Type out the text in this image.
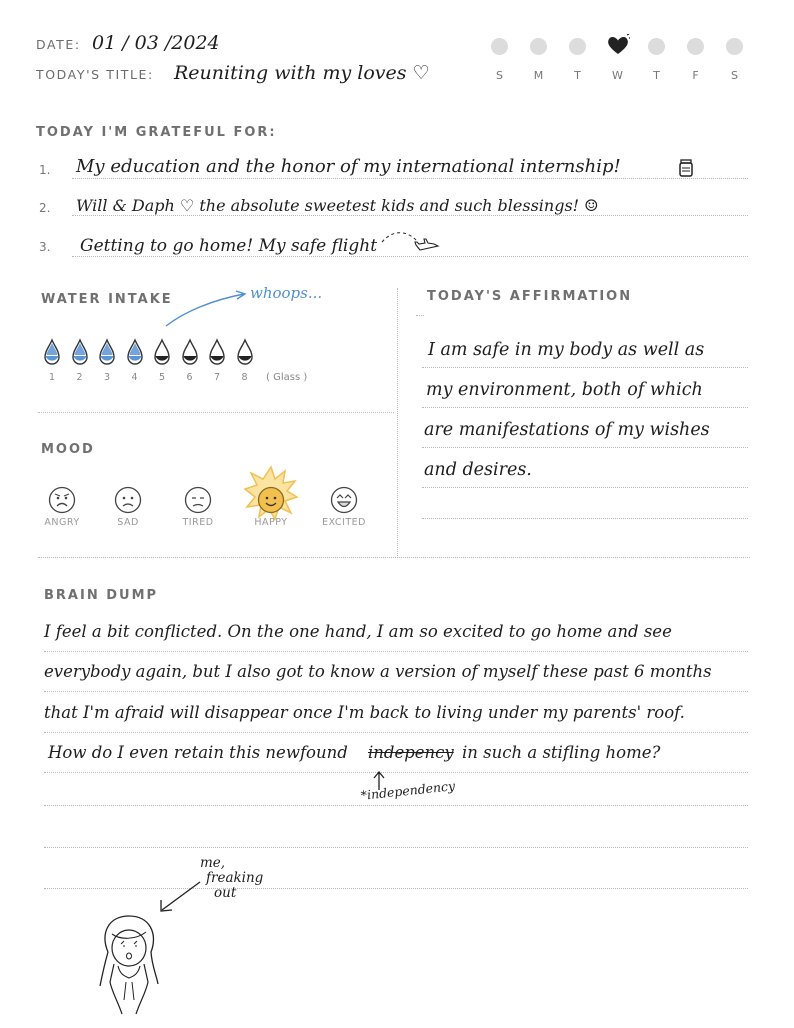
DATE: 01 / 03 /2024
TODAY'S TITLE: Reuniting with my loves ♡	S	M	T	W	T	F	S
TODAY I'M GRATEFUL FOR:
1. My education and the honor of my international internship!
2. Will & Daph ♡ the absolute sweetest kids and such blessings! ☺
3. Getting to go home! My safe flight
WATER INTAKE	whoops...
1	2	3	4	5	6	7	8	( Glass )
MOOD
ANGRY	SAD	TIRED	HAPPY	EXCITED
TODAY'S AFFIRMATION
I am safe in my body as well as
my environment, both of which
are manifestations of my wishes
and desires.
BRAIN DUMP
I feel a bit conflicted. On the one hand, I am so excited to go home and see
everybody again, but I also got to know a version of myself these past 6 months
that I'm afraid will disappear once I'm back to living under my parents' roof.
How do I even retain this newfound indepency in such a stifling home?
*independency
me,
freaking
out
